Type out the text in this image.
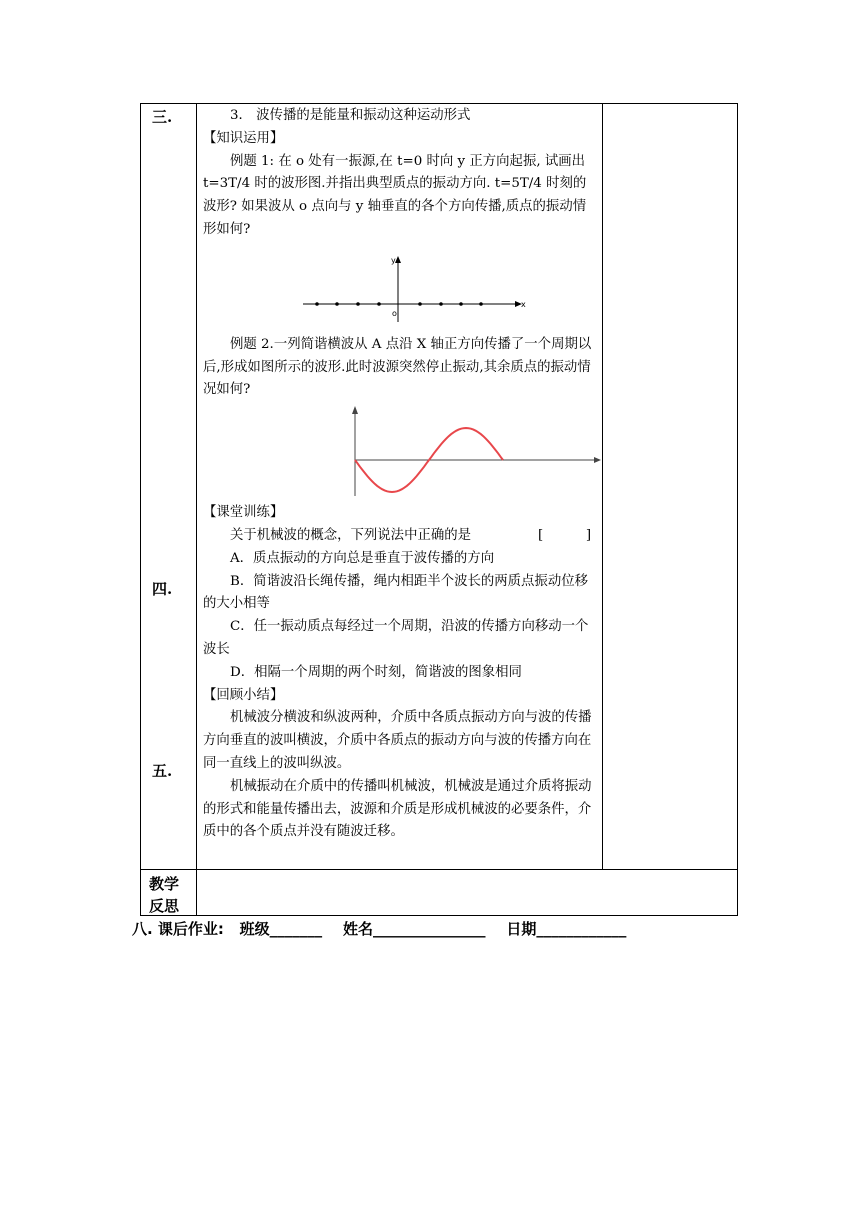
三.
四.
五.

3． 波传播的是能量和振动这种运动形式

【知识运用】

例题 1: 在 o 处有一振源,在 t=0 时向 y 正方向起振, 试画出 t=3T/4 时的波形图.并指出典型质点的振动方向. t=5T/4 时刻的波形? 如果波从 o 点向与 y 轴垂直的各个方向传播,质点的振动情形如何?

y
x
o

例题 2.一列简谐横波从 A 点沿 X 轴正方向传播了一个周期以后,形成如图所示的波形.此时波源突然停止振动,其余质点的振动情况如何?

【课堂训练】

关于机械波的概念，下列说法中正确的是	[          ]

A．质点振动的方向总是垂直于波传播的方向

B．简谐波沿长绳传播，绳内相距半个波长的两质点振动位移的大小相等

C．任一振动质点每经过一个周期，沿波的传播方向移动一个波长

D．相隔一个周期的两个时刻，简谐波的图象相同

【回顾小结】

机械波分横波和纵波两种，介质中各质点振动方向与波的传播方向垂直的波叫横波，介质中各质点的振动方向与波的传播方向在同一直线上的波叫纵波。

机械振动在介质中的传播叫机械波，机械波是通过介质将振动的形式和能量传播出去，波源和介质是形成机械波的必要条件，介质中的各个质点并没有随波迁移。

教学
反思
八. 课后作业:   班级_______    姓名_______________    日期____________
